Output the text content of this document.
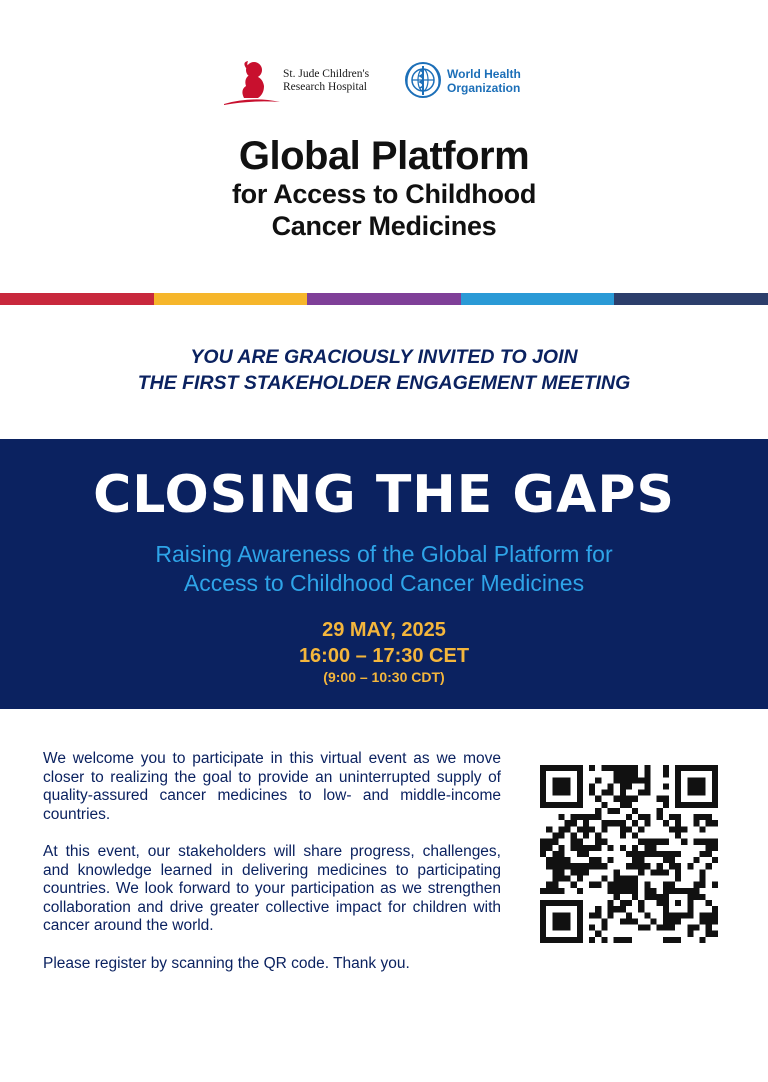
St. Jude Children's
Research Hospital
World Health
Organization
Global Platform
for Access to Childhood
Cancer Medicines
YOU ARE GRACIOUSLY INVITED TO JOIN
THE FIRST STAKEHOLDER ENGAGEMENT MEETING
CLOSING THE GAPS
Raising Awareness of the Global Platform for
Access to Childhood Cancer Medicines
29 MAY, 2025
16:00 – 17:30 CET
(9:00 – 10:30 CDT)

We welcome you to participate in this virtual event as we move closer to realizing the goal to provide an uninterrupted supply of quality-assured cancer medicines to low- and middle-income countries.

At this event, our stakeholders will share progress, challenges, and knowledge learned in delivering medicines to participating countries. We look forward to your participation as we strengthen collaboration and drive greater collective impact for children with cancer around the world.

Please register by scanning the QR code. Thank you.
